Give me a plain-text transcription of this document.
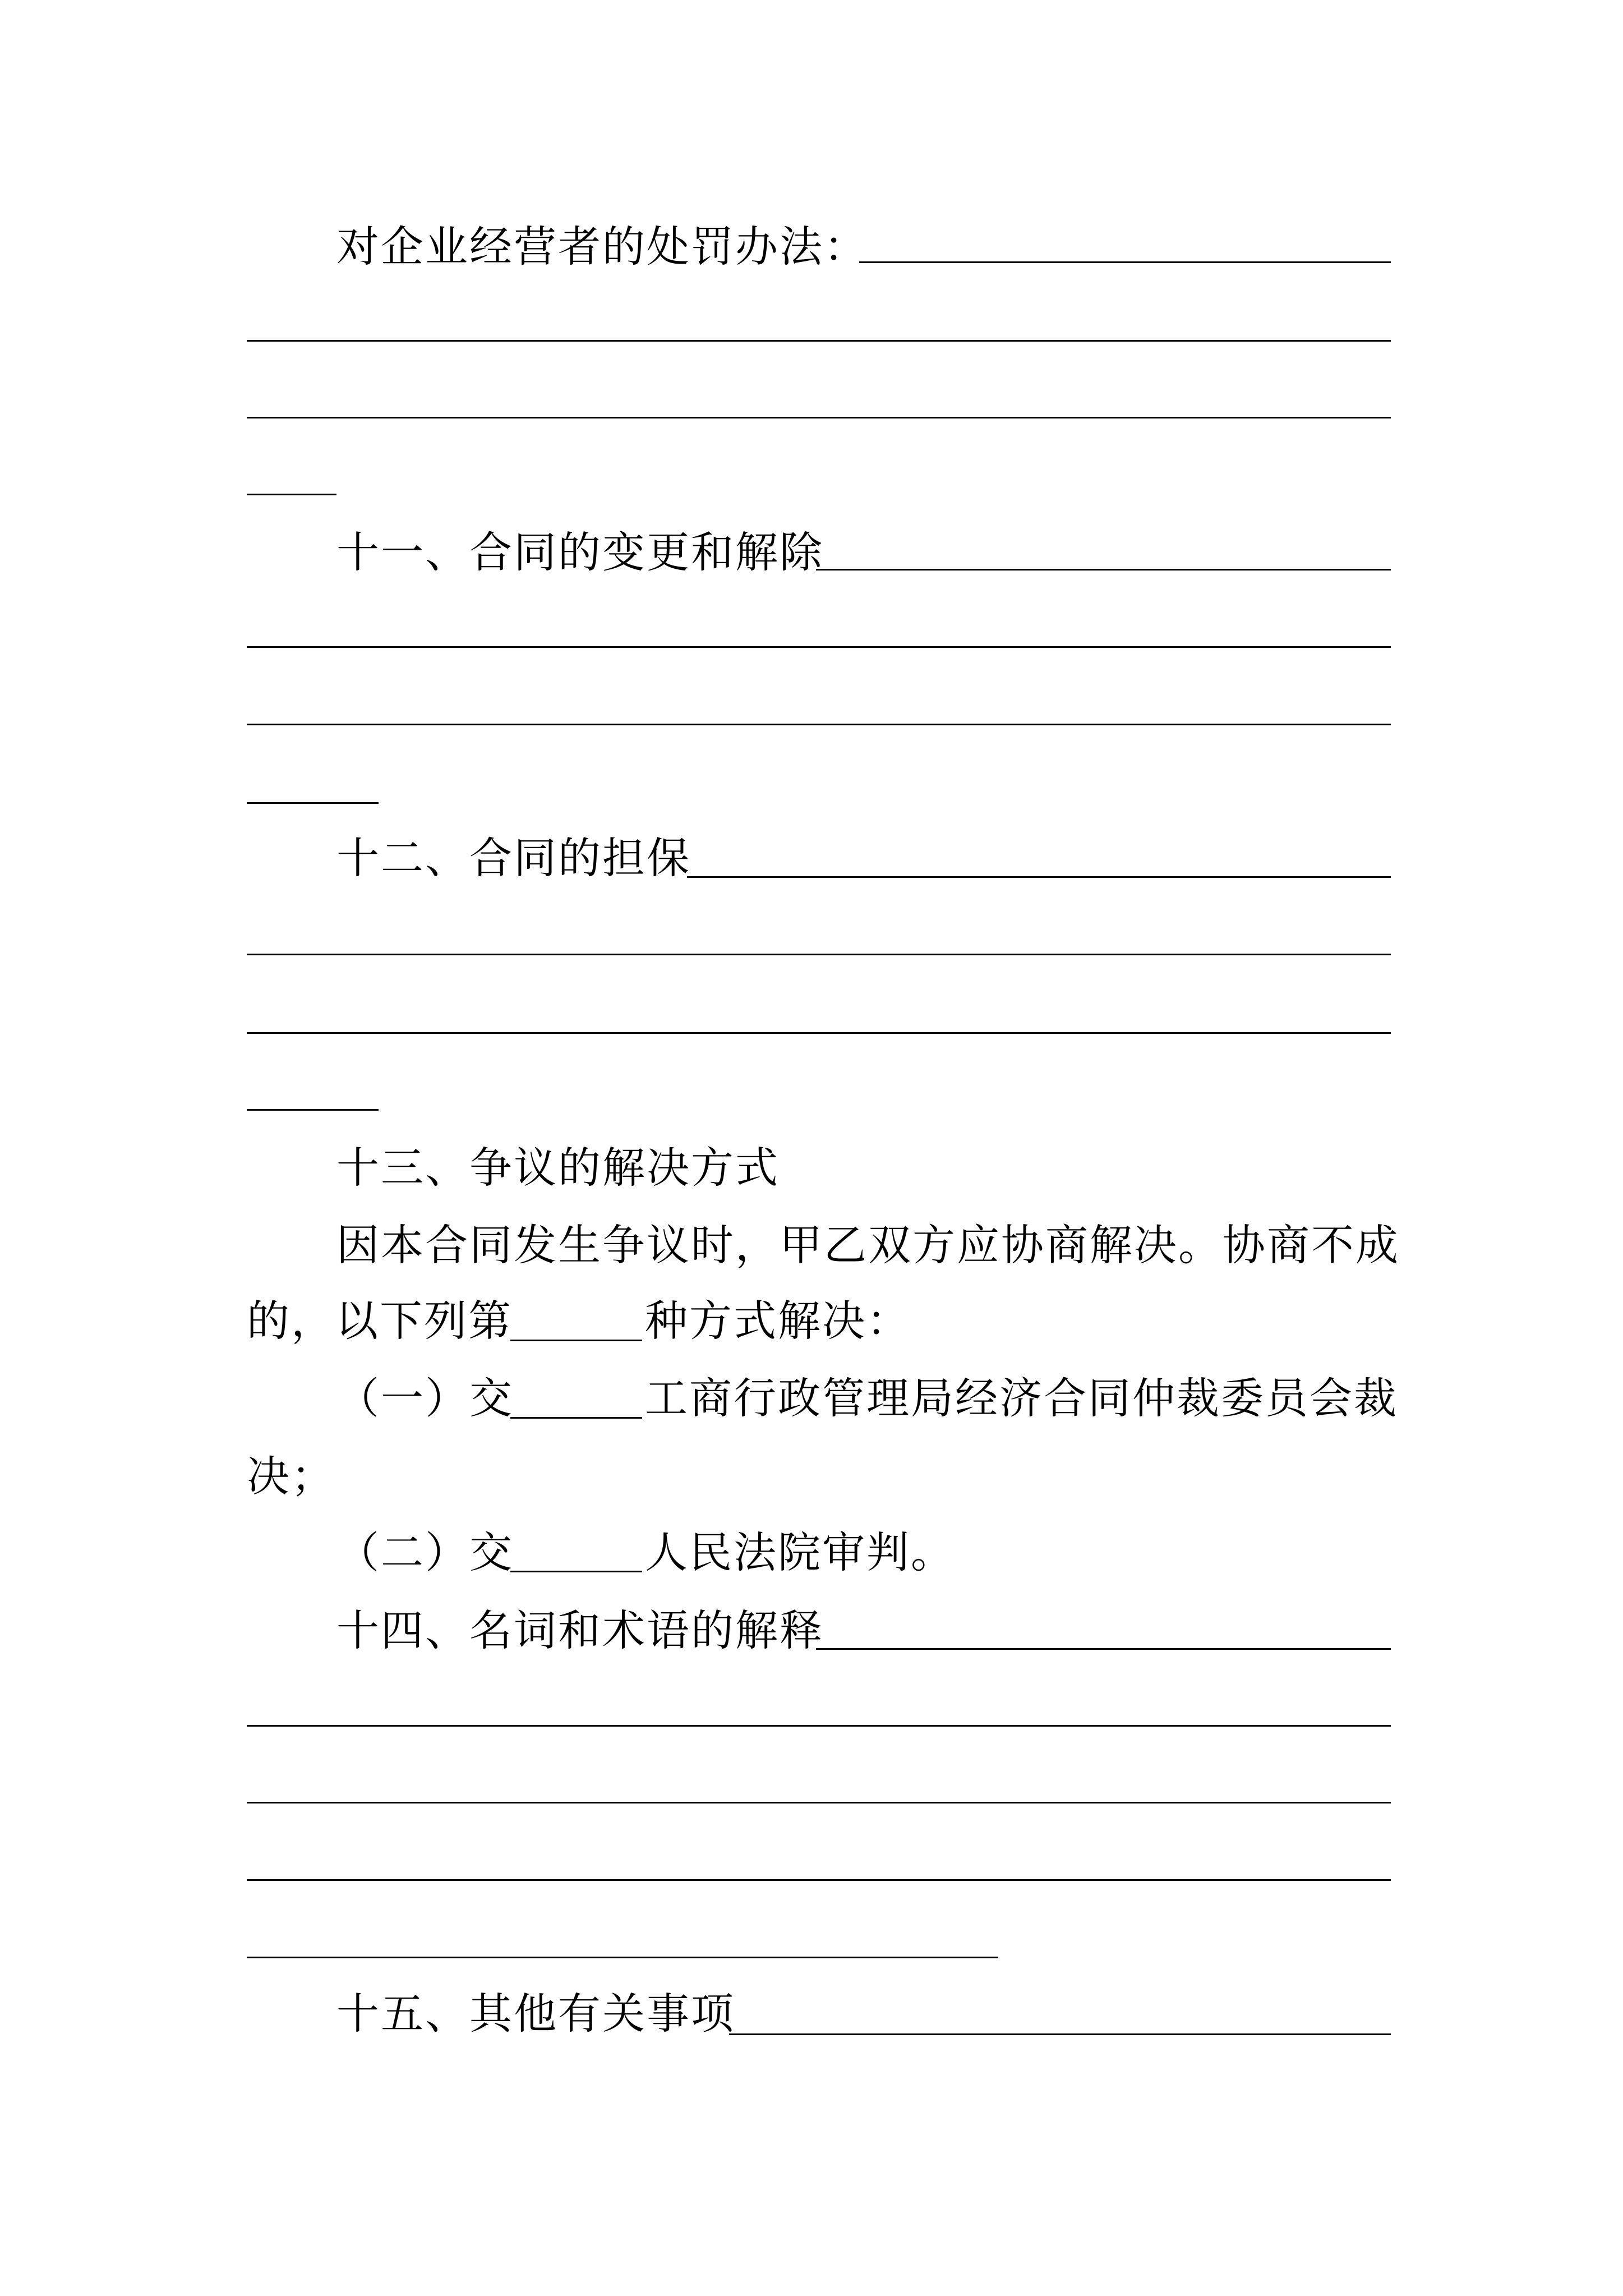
对企业经营者的处罚办法：
十一、合同的变更和解除
十二、合同的担保
十三、争议的解决方式
因本合同发生争议时，甲乙双方应协商解决。协商不成
的，以下列第	种方式解决：
（一）交	工商行政管理局经济合同仲裁委员会裁
决；
（二）交	人民法院审判。
十四、名词和术语的解释
十五、其他有关事项
